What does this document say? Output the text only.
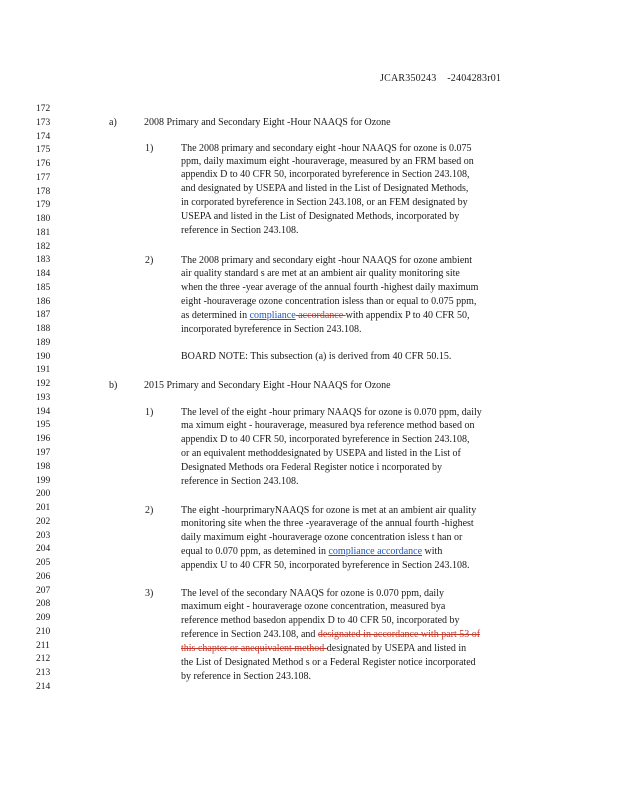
JCAR350243 -2404283r01
172
173
174
175
176
177
178
179
180
181
182
183
184
185
186
187
188
189
190
191
192
193
194
195
196
197
198
199
200
201
202
203
204
205
206
207
208
209
210
211
212
213
214
a)	2008 Primary and Secondary Eight -Hour NAAQS for Ozone
1)	The 2008 primary and secondary eight -hour NAAQS for ozone is 0.075
ppm, daily maximum eight -houraverage, measured by an FRM based on
appendix D to 40 CFR 50, incorporated byreference in Section 243.108,
and designated by USEPA and listed in the List of Designated Methods,
in corporated byreference in Section 243.108, or an FEM designated by
USEPA and listed in the List of Designated Methods, incorporated by
reference in Section 243.108.
2)	The 2008 primary and secondary eight -hour NAAQS for ozone ambient
air quality standard s are met at an ambient air quality monitoring site
when the three -year average of the annual fourth -highest daily maximum
eight -houraverage ozone concentration isless than or equal to 0.075 ppm,
as determined in compliance accordance with appendix P to 40 CFR 50,
incorporated byreference in Section 243.108.
BOARD NOTE: This subsection (a) is derived from 40 CFR 50.15.
b)	2015 Primary and Secondary Eight -Hour NAAQS for Ozone
1)	The level of the eight -hour primary NAAQS for ozone is 0.070 ppm, daily
ma ximum eight - houraverage, measured bya reference method based on
appendix D to 40 CFR 50, incorporated byreference in Section 243.108,
or an equivalent methoddesignated by USEPA and listed in the List of
Designated Methods ora Federal Register notice i ncorporated by
reference in Section 243.108.
2)	The eight -hourprimaryNAAQS for ozone is met at an ambient air quality
monitoring site when the three -yearaverage of the annual fourth -highest
daily maximum eight -houraverage ozone concentration isless t han or
equal to 0.070 ppm, as detemined in compliance accordance with
appendix U to 40 CFR 50, incorporated byreference in Section 243.108.
3)	The level of the secondary NAAQS for ozone is 0.070 ppm, daily
maximum eight - houraverage ozone concentration, measured bya
reference method basedon appendix D to 40 CFR 50, incorporated by
reference in Section 243.108, and designated in accordance with part 53 of
this chapter or anequivalent method designated by USEPA and listed in
the List of Designated Method s or a Federal Register notice incorporated
by reference in Section 243.108.
